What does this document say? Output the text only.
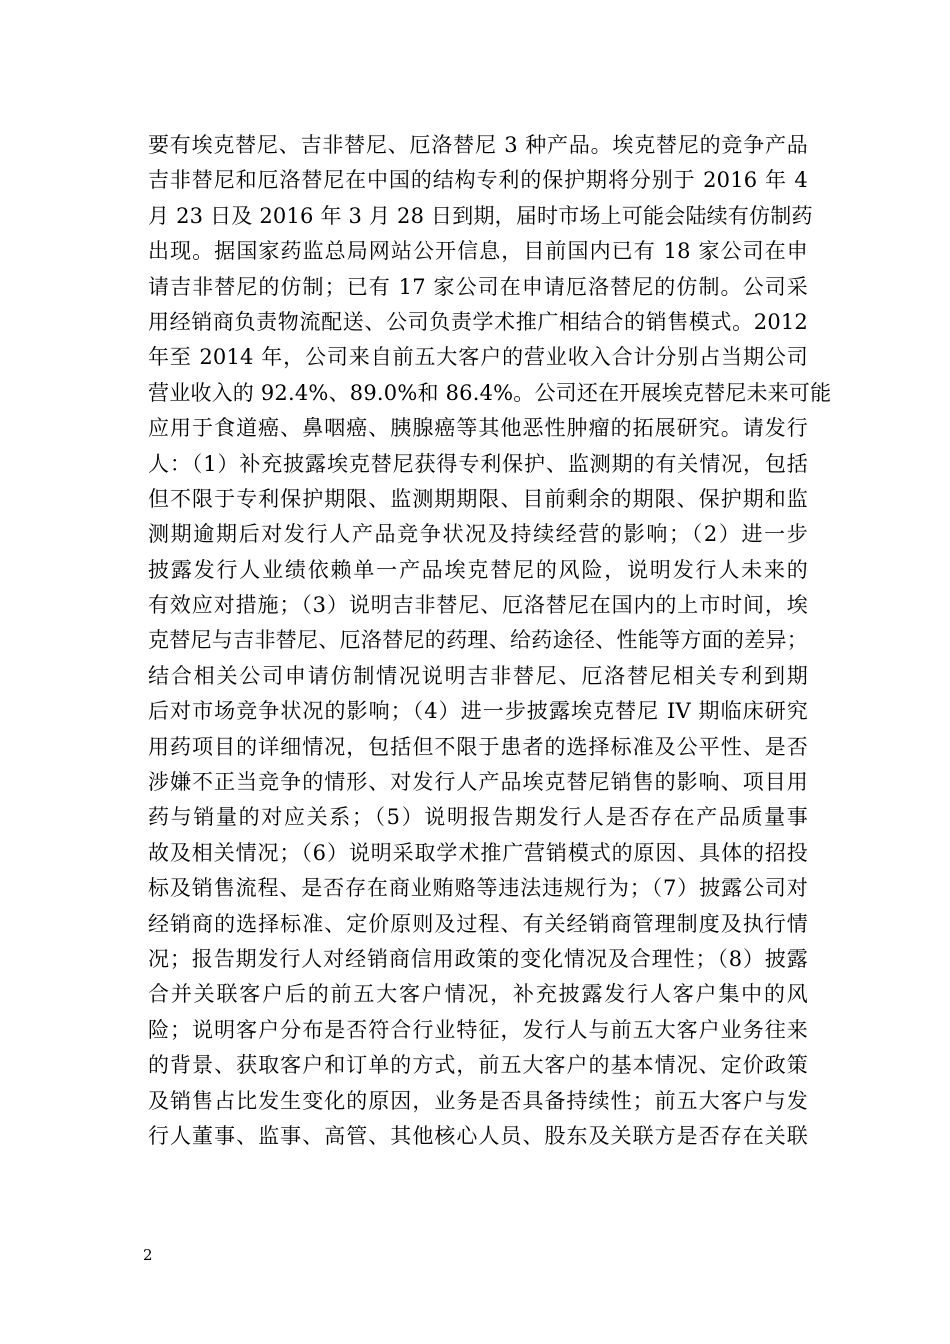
要有埃克替尼、吉非替尼、厄洛替尼 3 种产品。埃克替尼的竞争产品
吉非替尼和厄洛替尼在中国的结构专利的保护期将分别于 2016 年 4
月 23 日及 2016 年 3 月 28 日到期，届时市场上可能会陆续有仿制药
出现。据国家药监总局网站公开信息，目前国内已有 18 家公司在申
请吉非替尼的仿制；已有 17 家公司在申请厄洛替尼的仿制。公司采
用经销商负责物流配送、公司负责学术推广相结合的销售模式。2012
年至 2014 年，公司来自前五大客户的营业收入合计分别占当期公司
营业收入的 92.4%、89.0%和 86.4%。公司还在开展埃克替尼未来可能
应用于食道癌、鼻咽癌、胰腺癌等其他恶性肿瘤的拓展研究。请发行
人：（1）补充披露埃克替尼获得专利保护、监测期的有关情况，包括
但不限于专利保护期限、监测期期限、目前剩余的期限、保护期和监
测期逾期后对发行人产品竞争状况及持续经营的影响；（2）进一步
披露发行人业绩依赖单一产品埃克替尼的风险，说明发行人未来的
有效应对措施；（3）说明吉非替尼、厄洛替尼在国内的上市时间，埃
克替尼与吉非替尼、厄洛替尼的药理、给药途径、性能等方面的差异；
结合相关公司申请仿制情况说明吉非替尼、厄洛替尼相关专利到期
后对市场竞争状况的影响；（4）进一步披露埃克替尼 IV 期临床研究
用药项目的详细情况，包括但不限于患者的选择标准及公平性、是否
涉嫌不正当竞争的情形、对发行人产品埃克替尼销售的影响、项目用
药与销量的对应关系；（5）说明报告期发行人是否存在产品质量事
故及相关情况；（6）说明采取学术推广营销模式的原因、具体的招投
标及销售流程、是否存在商业贿赂等违法违规行为；（7）披露公司对
经销商的选择标准、定价原则及过程、有关经销商管理制度及执行情
况；报告期发行人对经销商信用政策的变化情况及合理性；（8）披露
合并关联客户后的前五大客户情况，补充披露发行人客户集中的风
险；说明客户分布是否符合行业特征，发行人与前五大客户业务往来
的背景、获取客户和订单的方式，前五大客户的基本情况、定价政策
及销售占比发生变化的原因，业务是否具备持续性；前五大客户与发
行人董事、监事、高管、其他核心人员、股东及关联方是否存在关联
2
